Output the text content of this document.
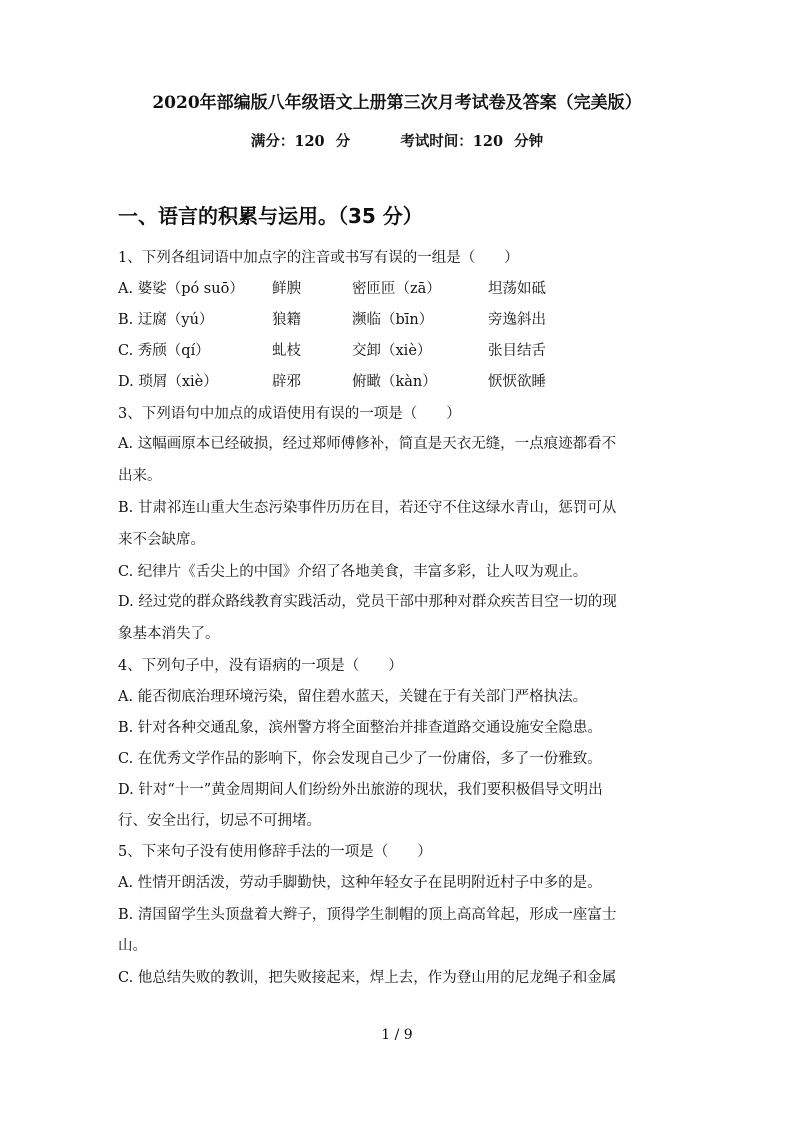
2020年部编版八年级语文上册第三次月考试卷及答案（完美版）
满分：120 分	考试时间：120 分钟
一、语言的积累与运用。（35 分）
1、下列各组词语中加点字的注音或书写有误的一组是（　　）
A. 婆娑（pó suō） 鲜腴	密匝匝（zā）	坦荡如砥
B. 迂腐（yú）	狼籍	濒临（bīn）	旁逸斜出
C. 秀颀（qí）	虬枝	交卸（xiè）	张目结舌
D. 琐屑（xiè）	辟邪	俯瞰（kàn）	恹恹欲睡
3、下列语句中加点的成语使用有误的一项是（　　）
A. 这幅画原本已经破损，经过郑师傅修补，简直是天衣无缝，一点痕迹都看不
出来。
B. 甘肃祁连山重大生态污染事件历历在目，若还守不住这绿水青山，惩罚可从
来不会缺席。
C. 纪律片《舌尖上的中国》介绍了各地美食，丰富多彩，让人叹为观止。
D. 经过党的群众路线教育实践活动，党员干部中那种对群众疾苦目空一切的现
象基本消失了。
4、下列句子中，没有语病的一项是（　　）
A. 能否彻底治理环境污染，留住碧水蓝天，关键在于有关部门严格执法。
B. 针对各种交通乱象，滨州警方将全面整治并排查道路交通设施安全隐患。
C. 在优秀文学作品的影响下，你会发现自己少了一份庸俗，多了一份雅致。
D. 针对“十一”黄金周期间人们纷纷外出旅游的现状，我们要积极倡导文明出
行、安全出行，切忌不可拥堵。
5、下来句子没有使用修辞手法的一项是（　　）
A. 性情开朗活泼，劳动手脚勤快，这种年轻女子在昆明附近村子中多的是。
B. 清国留学生头顶盘着大辫子，顶得学生制帽的顶上高高耸起，形成一座富士
山。
C. 他总结失败的教训，把失败接起来，焊上去，作为登山用的尼龙绳子和金属
1 / 9
